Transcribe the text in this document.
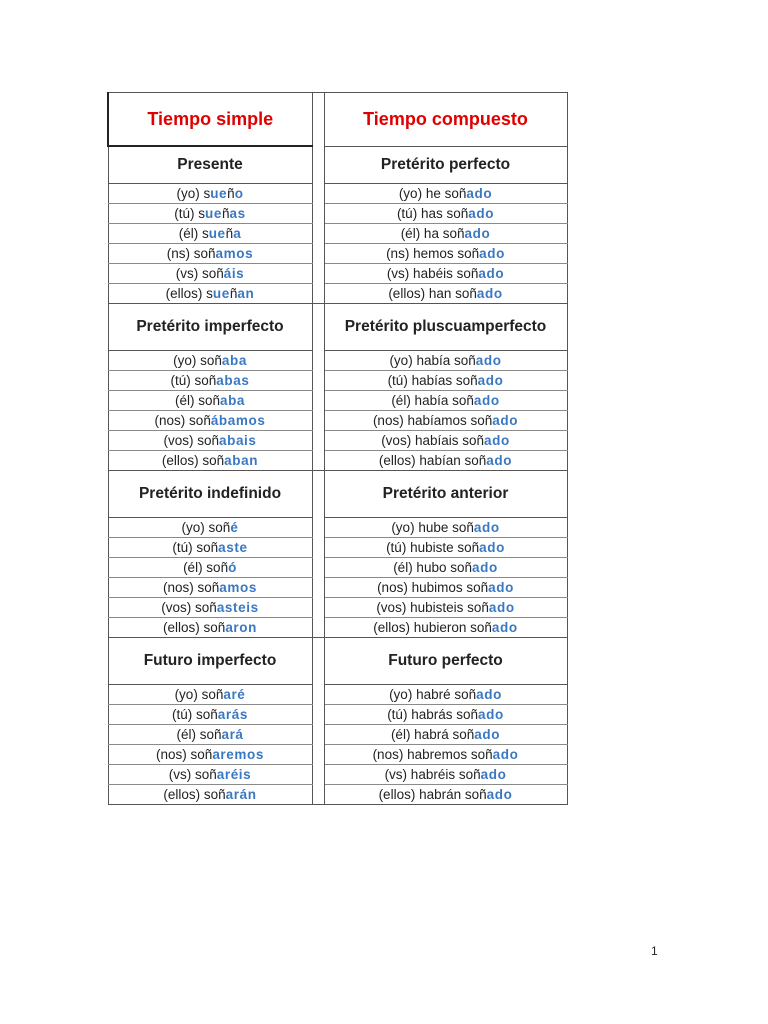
Tiempo simple		Tiempo compuesto
Presente		Pretérito perfecto
(yo) sueño		(yo) he soñado
(tú) sueñas		(tú) has soñado
(él) sueña		(él) ha soñado
(ns) soñamos		(ns) hemos soñado
(vs) soñáis		(vs) habéis soñado
(ellos) sueñan		(ellos) han soñado
Pretérito imperfecto		Pretérito pluscuamperfecto
(yo) soñaba		(yo) había soñado
(tú) soñabas		(tú) habías soñado
(él) soñaba		(él) había soñado
(nos) soñábamos		(nos) habíamos soñado
(vos) soñabais		(vos) habíais soñado
(ellos) soñaban		(ellos) habían soñado
Pretérito indefinido		Pretérito anterior
(yo) soñé		(yo) hube soñado
(tú) soñaste		(tú) hubiste soñado
(él) soñó		(él) hubo soñado
(nos) soñamos		(nos) hubimos soñado
(vos) soñasteis		(vos) hubisteis soñado
(ellos) soñaron		(ellos) hubieron soñado
Futuro imperfecto		Futuro perfecto
(yo) soñaré		(yo) habré soñado
(tú) soñarás		(tú) habrás soñado
(él) soñará		(él) habrá soñado
(nos) soñaremos		(nos) habremos soñado
(vs) soñaréis		(vs) habréis soñado
(ellos) soñarán		(ellos) habrán soñado
1
